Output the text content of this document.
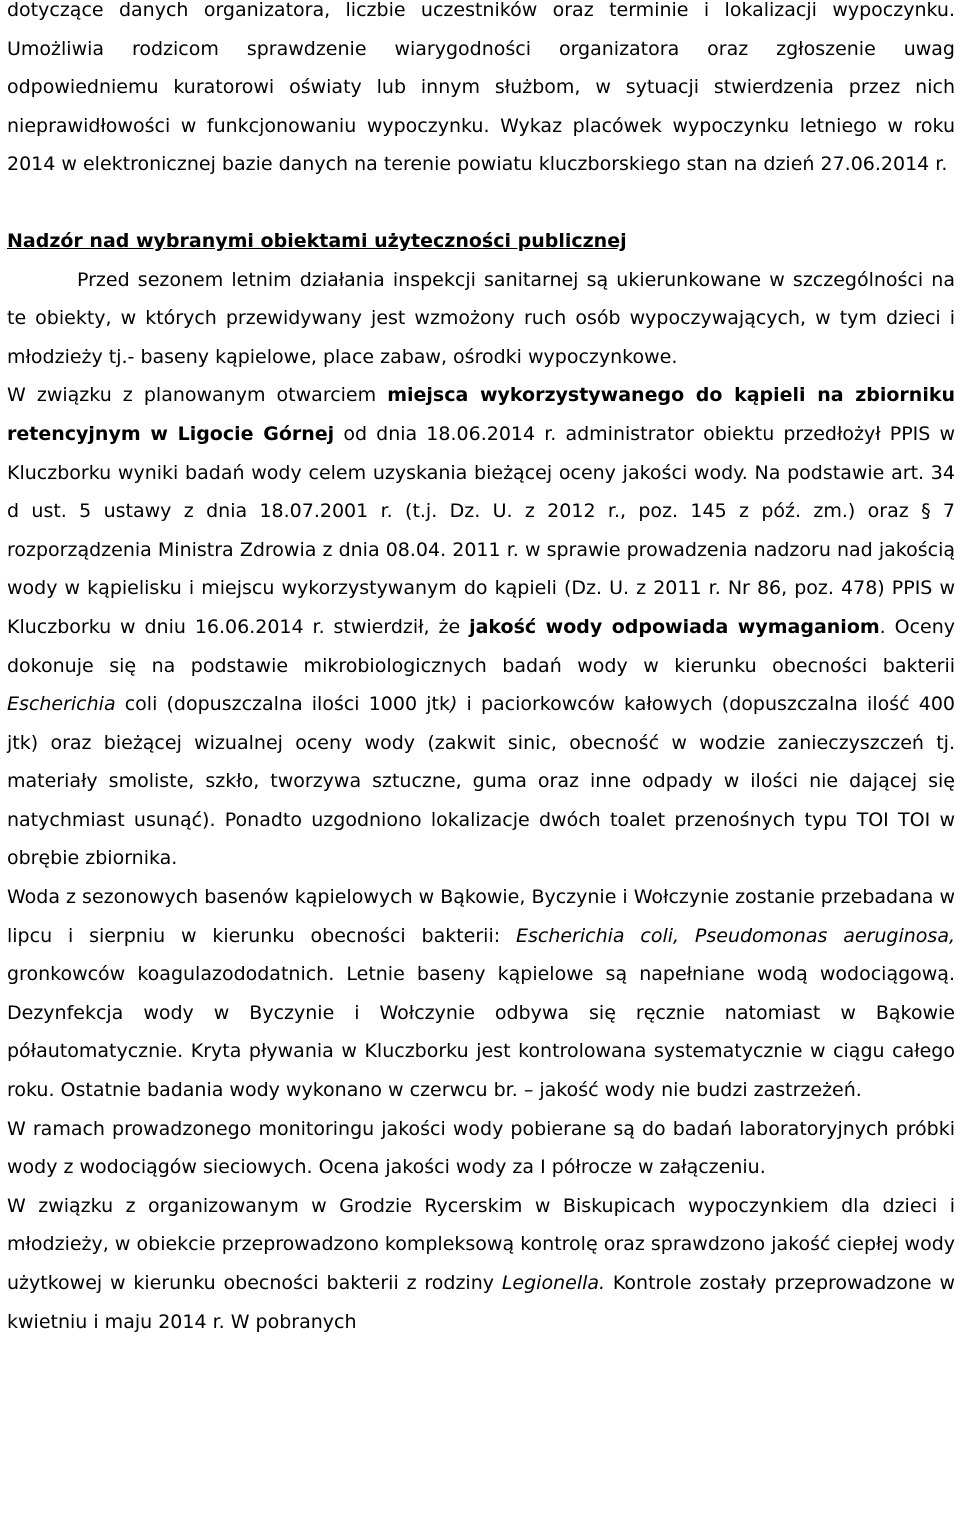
dotyczące danych organizatora, liczbie uczestników oraz terminie i lokalizacji wypoczynku. Umożliwia rodzicom sprawdzenie wiarygodności organizatora oraz zgłoszenie uwag odpowiedniemu kuratorowi oświaty lub innym służbom, w sytuacji stwierdzenia przez nich nieprawidłowości w funkcjonowaniu wypoczynku. Wykaz placówek wypoczynku letniego w roku 2014 w elektronicznej bazie danych na terenie powiatu kluczborskiego stan na dzień 27.06.2014 r.

Nadzór nad wybranymi obiektami użyteczności publicznej

Przed sezonem letnim działania inspekcji sanitarnej są ukierunkowane w szczególności na te obiekty, w których przewidywany jest wzmożony ruch osób wypoczywających, w tym dzieci i młodzieży tj.- baseny kąpielowe, place zabaw, ośrodki wypoczynkowe.

W związku z planowanym otwarciem miejsca wykorzystywanego do kąpieli na zbiorniku retencyjnym w Ligocie Górnej od dnia 18.06.2014 r. administrator obiektu przedłożył PPIS w Kluczborku wyniki badań wody celem uzyskania bieżącej oceny jakości wody. Na podstawie art. 34 d ust. 5 ustawy z dnia 18.07.2001 r. (t.j. Dz. U. z 2012 r., poz. 145 z póź. zm.) oraz § 7 rozporządzenia Ministra Zdrowia z dnia 08.04. 2011 r. w sprawie prowadzenia nadzoru nad jakością wody w kąpielisku i miejscu wykorzystywanym do kąpieli (Dz. U. z 2011 r. Nr 86, poz. 478) PPIS w Kluczborku w dniu 16.06.2014 r. stwierdził, że jakość wody odpowiada wymaganiom. Oceny dokonuje się na podstawie mikrobiologicznych badań wody w kierunku obecności bakterii Escherichia coli (dopuszczalna ilości 1000 jtk) i paciorkowców kałowych (dopuszczalna ilość 400 jtk) oraz bieżącej wizualnej oceny wody (zakwit sinic, obecność w wodzie zanieczyszczeń tj. materiały smoliste, szkło, tworzywa sztuczne, guma oraz inne odpady w ilości nie dającej się natychmiast usunąć). Ponadto uzgodniono lokalizacje dwóch toalet przenośnych typu TOI TOI w obrębie zbiornika.

Woda z sezonowych basenów kąpielowych w Bąkowie, Byczynie i Wołczynie zostanie przebadana w lipcu i sierpniu w kierunku obecności bakterii: Escherichia coli, Pseudomonas aeruginosa, gronkowców koagulazododatnich. Letnie baseny kąpielowe są napełniane wodą wodociągową. Dezynfekcja wody w Byczynie i Wołczynie odbywa się ręcznie natomiast w Bąkowie półautomatycznie. Kryta pływania w Kluczborku jest kontrolowana systematycznie w ciągu całego roku. Ostatnie badania wody wykonano w czerwcu br. – jakość wody nie budzi zastrzeżeń.

W ramach prowadzonego monitoringu jakości wody pobierane są do badań laboratoryjnych próbki wody z wodociągów sieciowych. Ocena jakości wody za I półrocze w załączeniu.

W związku z organizowanym w Grodzie Rycerskim w Biskupicach wypoczynkiem dla dzieci i młodzieży, w obiekcie przeprowadzono kompleksową kontrolę oraz sprawdzono jakość ciepłej wody użytkowej w kierunku obecności bakterii z rodziny Legionella. Kontrole zostały przeprowadzone w kwietniu i maju 2014 r. W pobranych
